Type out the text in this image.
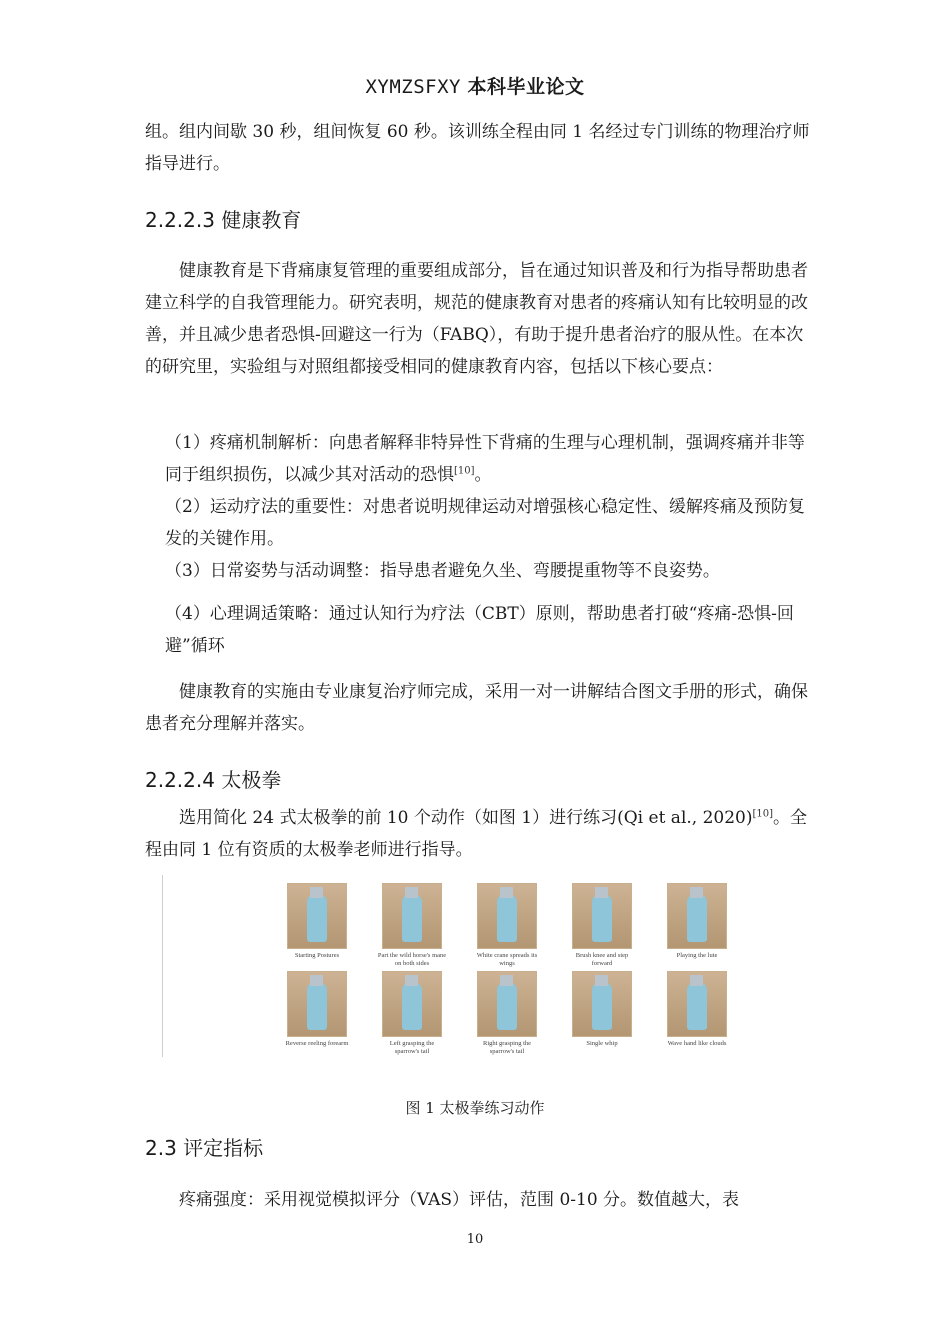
XYMZSFXY 本科毕业论文

组。组内间歇 30 秒，组间恢复 60 秒。该训练全程由同 1 名经过专门训练的物理治疗师指导进行。

2.2.2.3 健康教育

健康教育是下背痛康复管理的重要组成部分，旨在通过知识普及和行为指导帮助患者建立科学的自我管理能力。研究表明，规范的健康教育对患者的疼痛认知有比较明显的改善，并且减少患者恐惧-回避这一行为（FABQ），有助于提升患者治疗的服从性。在本次的研究里，实验组与对照组都接受相同的健康教育内容，包括以下核心要点：

（1）疼痛机制解析：向患者解释非特异性下背痛的生理与心理机制，强调疼痛并非等同于组织损伤，以减少其对活动的恐惧[10]。

（2）运动疗法的重要性：对患者说明规律运动对增强核心稳定性、缓解疼痛及预防复发的关键作用。

（3）日常姿势与活动调整：指导患者避免久坐、弯腰提重物等不良姿势。

（4）心理调适策略：通过认知行为疗法（CBT）原则，帮助患者打破“疼痛-恐惧-回避”循环

健康教育的实施由专业康复治疗师完成，采用一对一讲解结合图文手册的形式，确保患者充分理解并落实。

2.2.2.4 太极拳

选用简化 24 式太极拳的前 10 个动作（如图 1）进行练习(Qi et al., 2020)[10]。全程由同 1 位有资质的太极拳老师进行指导。

Starting Postures	Part the wild horse's mane on both sides
White crane spreads its wings
Brush knee and step forward
Playing the lute
Reverse reeling forearm	Left grasping the sparrow's tail
Right grasping the sparrow's tail
Single whip	Wave hand like clouds
图 1 太极拳练习动作
2.3 评定指标

疼痛强度：采用视觉模拟评分（VAS）评估，范围 0-10 分。数值越大，表

10
